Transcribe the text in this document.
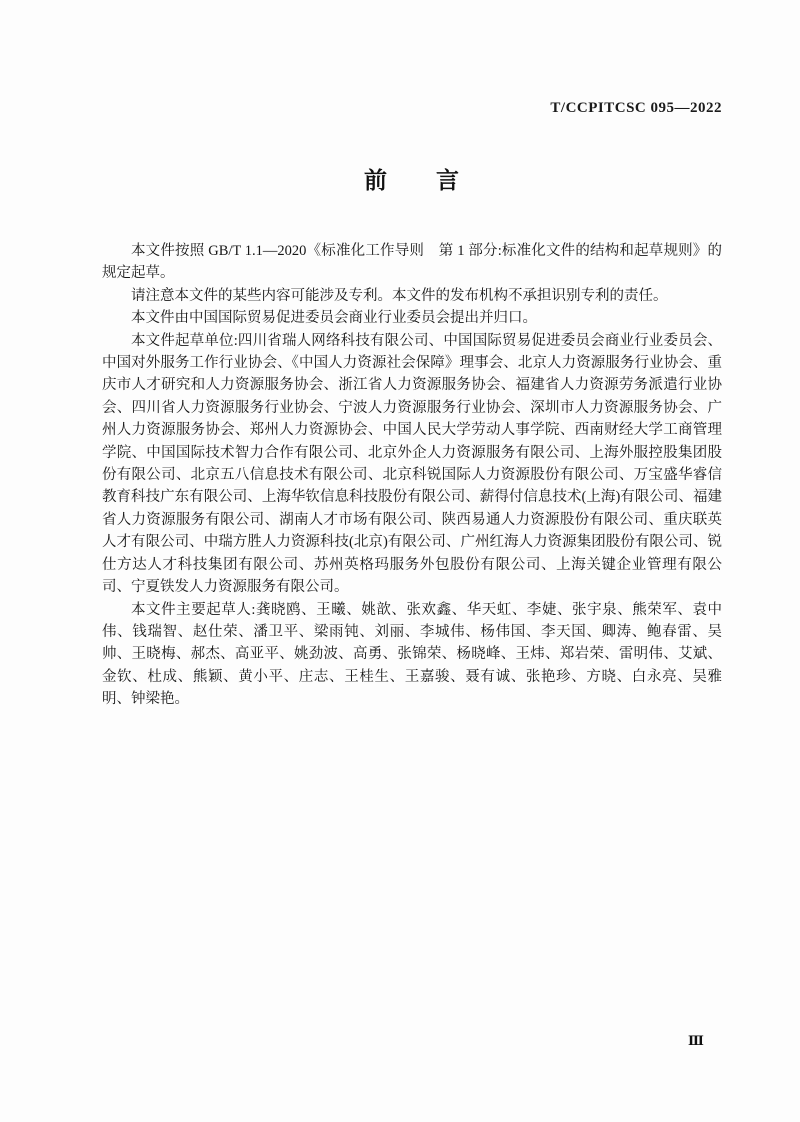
T/CCPITCSC 095—2022
前　　言

本文件按照 GB/T 1.1—2020《标准化工作导则　第 1 部分:标准化文件的结构和起草规则》的规定起草。

请注意本文件的某些内容可能涉及专利。本文件的发布机构不承担识别专利的责任。

本文件由中国国际贸易促进委员会商业行业委员会提出并归口。

本文件起草单位:四川省瑞人网络科技有限公司、中国国际贸易促进委员会商业行业委员会、中国对外服务工作行业协会、《中国人力资源社会保障》理事会、北京人力资源服务行业协会、重庆市人才研究和人力资源服务协会、浙江省人力资源服务协会、福建省人力资源劳务派遣行业协会、四川省人力资源服务行业协会、宁波人力资源服务行业协会、深圳市人力资源服务协会、广州人力资源服务协会、郑州人力资源协会、中国人民大学劳动人事学院、西南财经大学工商管理学院、中国国际技术智力合作有限公司、北京外企人力资源服务有限公司、上海外服控股集团股份有限公司、北京五八信息技术有限公司、北京科锐国际人力资源股份有限公司、万宝盛华睿信教育科技广东有限公司、上海华钦信息科技股份有限公司、薪得付信息技术(上海)有限公司、福建省人力资源服务有限公司、湖南人才市场有限公司、陕西易通人力资源股份有限公司、重庆联英人才有限公司、中瑞方胜人力资源科技(北京)有限公司、广州红海人力资源集团股份有限公司、锐仕方达人才科技集团有限公司、苏州英格玛服务外包股份有限公司、上海关键企业管理有限公司、宁夏铁发人力资源服务有限公司。

本文件主要起草人:龚晓鸥、王曦、姚歆、张欢鑫、华天虹、李婕、张宇泉、熊荣军、袁中伟、钱瑞智、赵仕荣、潘卫平、梁雨钝、刘丽、李城伟、杨伟国、李天国、卿涛、鲍春雷、吴帅、王晓梅、郝杰、高亚平、姚劲波、高勇、张锦荣、杨晓峰、王炜、郑岩荣、雷明伟、艾斌、金钦、杜成、熊颖、黄小平、庄志、王桂生、王嘉骏、聂有诚、张艳珍、方晓、白永亮、吴雅明、钟梁艳。

Ⅲ
